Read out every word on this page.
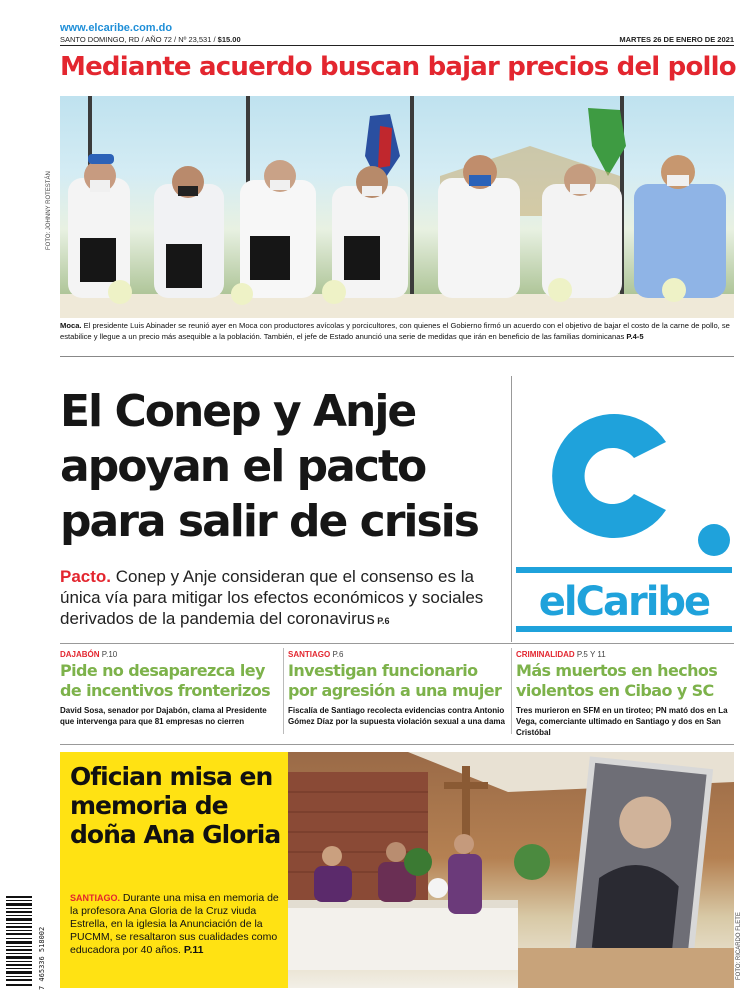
www.elcaribe.com.do
SANTO DOMINGO, RD / AÑO 72 / Nº 23,531 / $15.00	MARTES 26 DE ENERO DE 2021
Mediante acuerdo buscan bajar precios del pollo
FOTO: JOHNNY ROTESTÁN
Moca. El presidente Luis Abinader se reunió ayer en Moca con productores avícolas y porcicultores, con quienes el Gobierno firmó un acuerdo con el objetivo de bajar el costo de la carne de pollo, se estabilice y llegue a un precio más asequible a la población. También, el jefe de Estado anunció una serie de medidas que irán en beneficio de las familias dominicanas P.4-5
El Conep y Anje apoyan el pacto para salir de crisis
Pacto. Conep y Anje consideran que el consenso es la única vía para mitigar los efectos económicos y sociales derivados de la pandemia del coronavirus P.6	elCaribe
DAJABÓN P.10
Pide no desaparezca ley de incentivos fronterizos
David Sosa, senador por Dajabón, clama al Presidente que intervenga para que 81 empresas no cierren
SANTIAGO P.6
Investigan funcionario por agresión a una mujer
Fiscalía de Santiago recolecta evidencias contra Antonio Gómez Díaz por la supuesta violación sexual a una dama
CRIMINALIDAD P.5 Y 11
Más muertos en hechos violentos en Cibao y SC
Tres murieron en SFM en un tiroteo; PN mató dos en La Vega, comerciante ultimado en Santiago y dos en San Cristóbal
Ofician misa en memoria de doña Ana Gloria
SANTIAGO. Durante una misa en memoria de la profesora Ana Gloria de la Cruz viuda Estrella, en la iglesia la Anunciación de la PUCMM, se resaltaron sus cualidades como educadora por 40 años. P.11	FOTO: RICARDO FLETE
7 465336 518002
